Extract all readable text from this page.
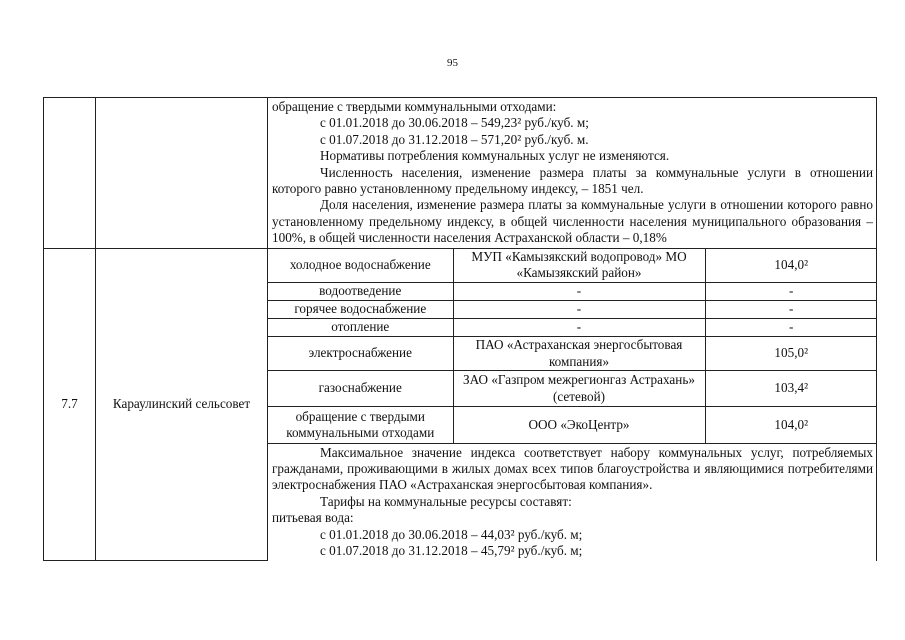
95

обращение с твердыми коммунальными отходами:

с 01.01.2018 до 30.06.2018 – 549,23² руб./куб. м;

с 01.07.2018 до 31.12.2018 – 571,20² руб./куб. м.

Нормативы потребления коммунальных услуг не изменяются.

Численность населения, изменение размера платы за коммунальные услуги в отношении которого равно установленному предельному индексу, – 1851 чел.

Доля населения, изменение размера платы за коммунальные услуги в отношении которого равно установленному предельному индексу, в общей численности населения муниципального образования – 100%, в общей численности населения Астраханской области – 0,18%

7.7	Караулинский сельсовет	
холодное водоснабжение	МУП «Камызякский водопровод» МО «Камызякский район»	104,0²
водоотведение	-	-
горячее водоснабжение	-	-
отопление	-	-
электроснабжение	ПАО «Астраханская энергосбытовая компания»	105,0²
газоснабжение	ЗАО «Газпром межрегионгаз Астрахань» (сетевой)	103,4²
обращение с твердыми коммунальными отходами	ООО «ЭкоЦентр»	104,0²

Максимальное значение индекса соответствует набору коммунальных услуг, потребляемых гражданами, проживающими в жилых домах всех типов благоустройства и являющимися потребителями электроснабжения ПАО «Астраханская энергосбытовая компания».

Тарифы на коммунальные ресурсы составят:

питьевая вода:

с 01.01.2018 до 30.06.2018 – 44,03² руб./куб. м;

с 01.07.2018 до 31.12.2018 – 45,79² руб./куб. м;
